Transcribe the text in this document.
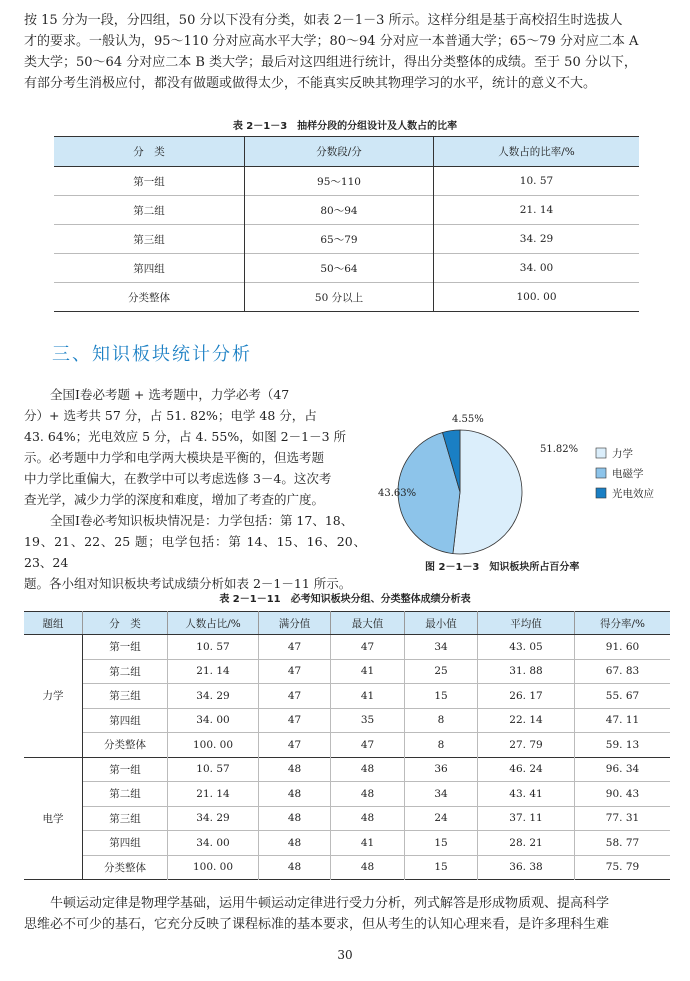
按 15 分为一段，分四组，50 分以下没有分类，如表 2－1－3 所示。这样分组是基于高校招生时选拔人
才的要求。一般认为，95～110 分对应高水平大学；80～94 分对应一本普通大学；65～79 分对应二本 A
类大学；50～64 分对应二本 B 类大学；最后对这四组进行统计，得出分类整体的成绩。至于 50 分以下，
有部分考生消极应付，都没有做题或做得太少，不能真实反映其物理学习的水平，统计的意义不大。

表 2－1－3　抽样分段的分组设计及人数占的比率
分　类	分数段/分	人数占的比率/%
第一组	95～110	10. 57
第二组	80～94	21. 14
第三组	65～79	34. 29
第四组	50～64	34. 00
分类整体	50 分以上	100. 00
三、知识板块统计分析

全国Ⅰ卷必考题 + 选考题中，力学必考（47
分）+ 选考共 57 分，占 51. 82%；电学 48 分，占
43. 64%；光电效应 5 分，占 4. 55%，如图 2－1－3 所
示。必考题中力学和电学两大模块是平衡的，但选考题
中力学比重偏大，在教学中可以考虑选修 3－4。这次考
查光学，减少力学的深度和难度，增加了考查的广度。
全国Ⅰ卷必考知识板块情况是：力学包括：第 17、18、
19、21、22、25 题；电学包括：第 14、15、16、20、23、24
题。各小组对知识板块考试成绩分析如表 2－1－11 所示。

51.82%	力学
43.63%
电磁学
4.55%
光电效应
图 2－1－3　知识板块所占百分率
表 2－1－11　必考知识板块分组、分类整体成绩分析表
题组	分　类	人数占比/%	满分值	最大值	最小值	平均值	得分率/%
力学	第一组	10. 57	47	47	34	43. 05	91. 60
	第二组	21. 14	47	41	25	31. 88	67. 83
	第三组	34. 29	47	41	15	26. 17	55. 67
	第四组	34. 00	47	35	8	22. 14	47. 11
	分类整体	100. 00	47	47	8	27. 79	59. 13
电学	第一组	10. 57	48	48	36	46. 24	96. 34
	第二组	21. 14	48	48	34	43. 41	90. 43
	第三组	34. 29	48	48	24	37. 11	77. 31
	第四组	34. 00	48	41	15	28. 21	58. 77
	分类整体	100. 00	48	48	15	36. 38	75. 79

牛顿运动定律是物理学基础，运用牛顿运动定律进行受力分析，列式解答是形成物质观、提高科学
思维必不可少的基石，它充分反映了课程标准的基本要求，但从考生的认知心理来看，是许多理科生难

30
